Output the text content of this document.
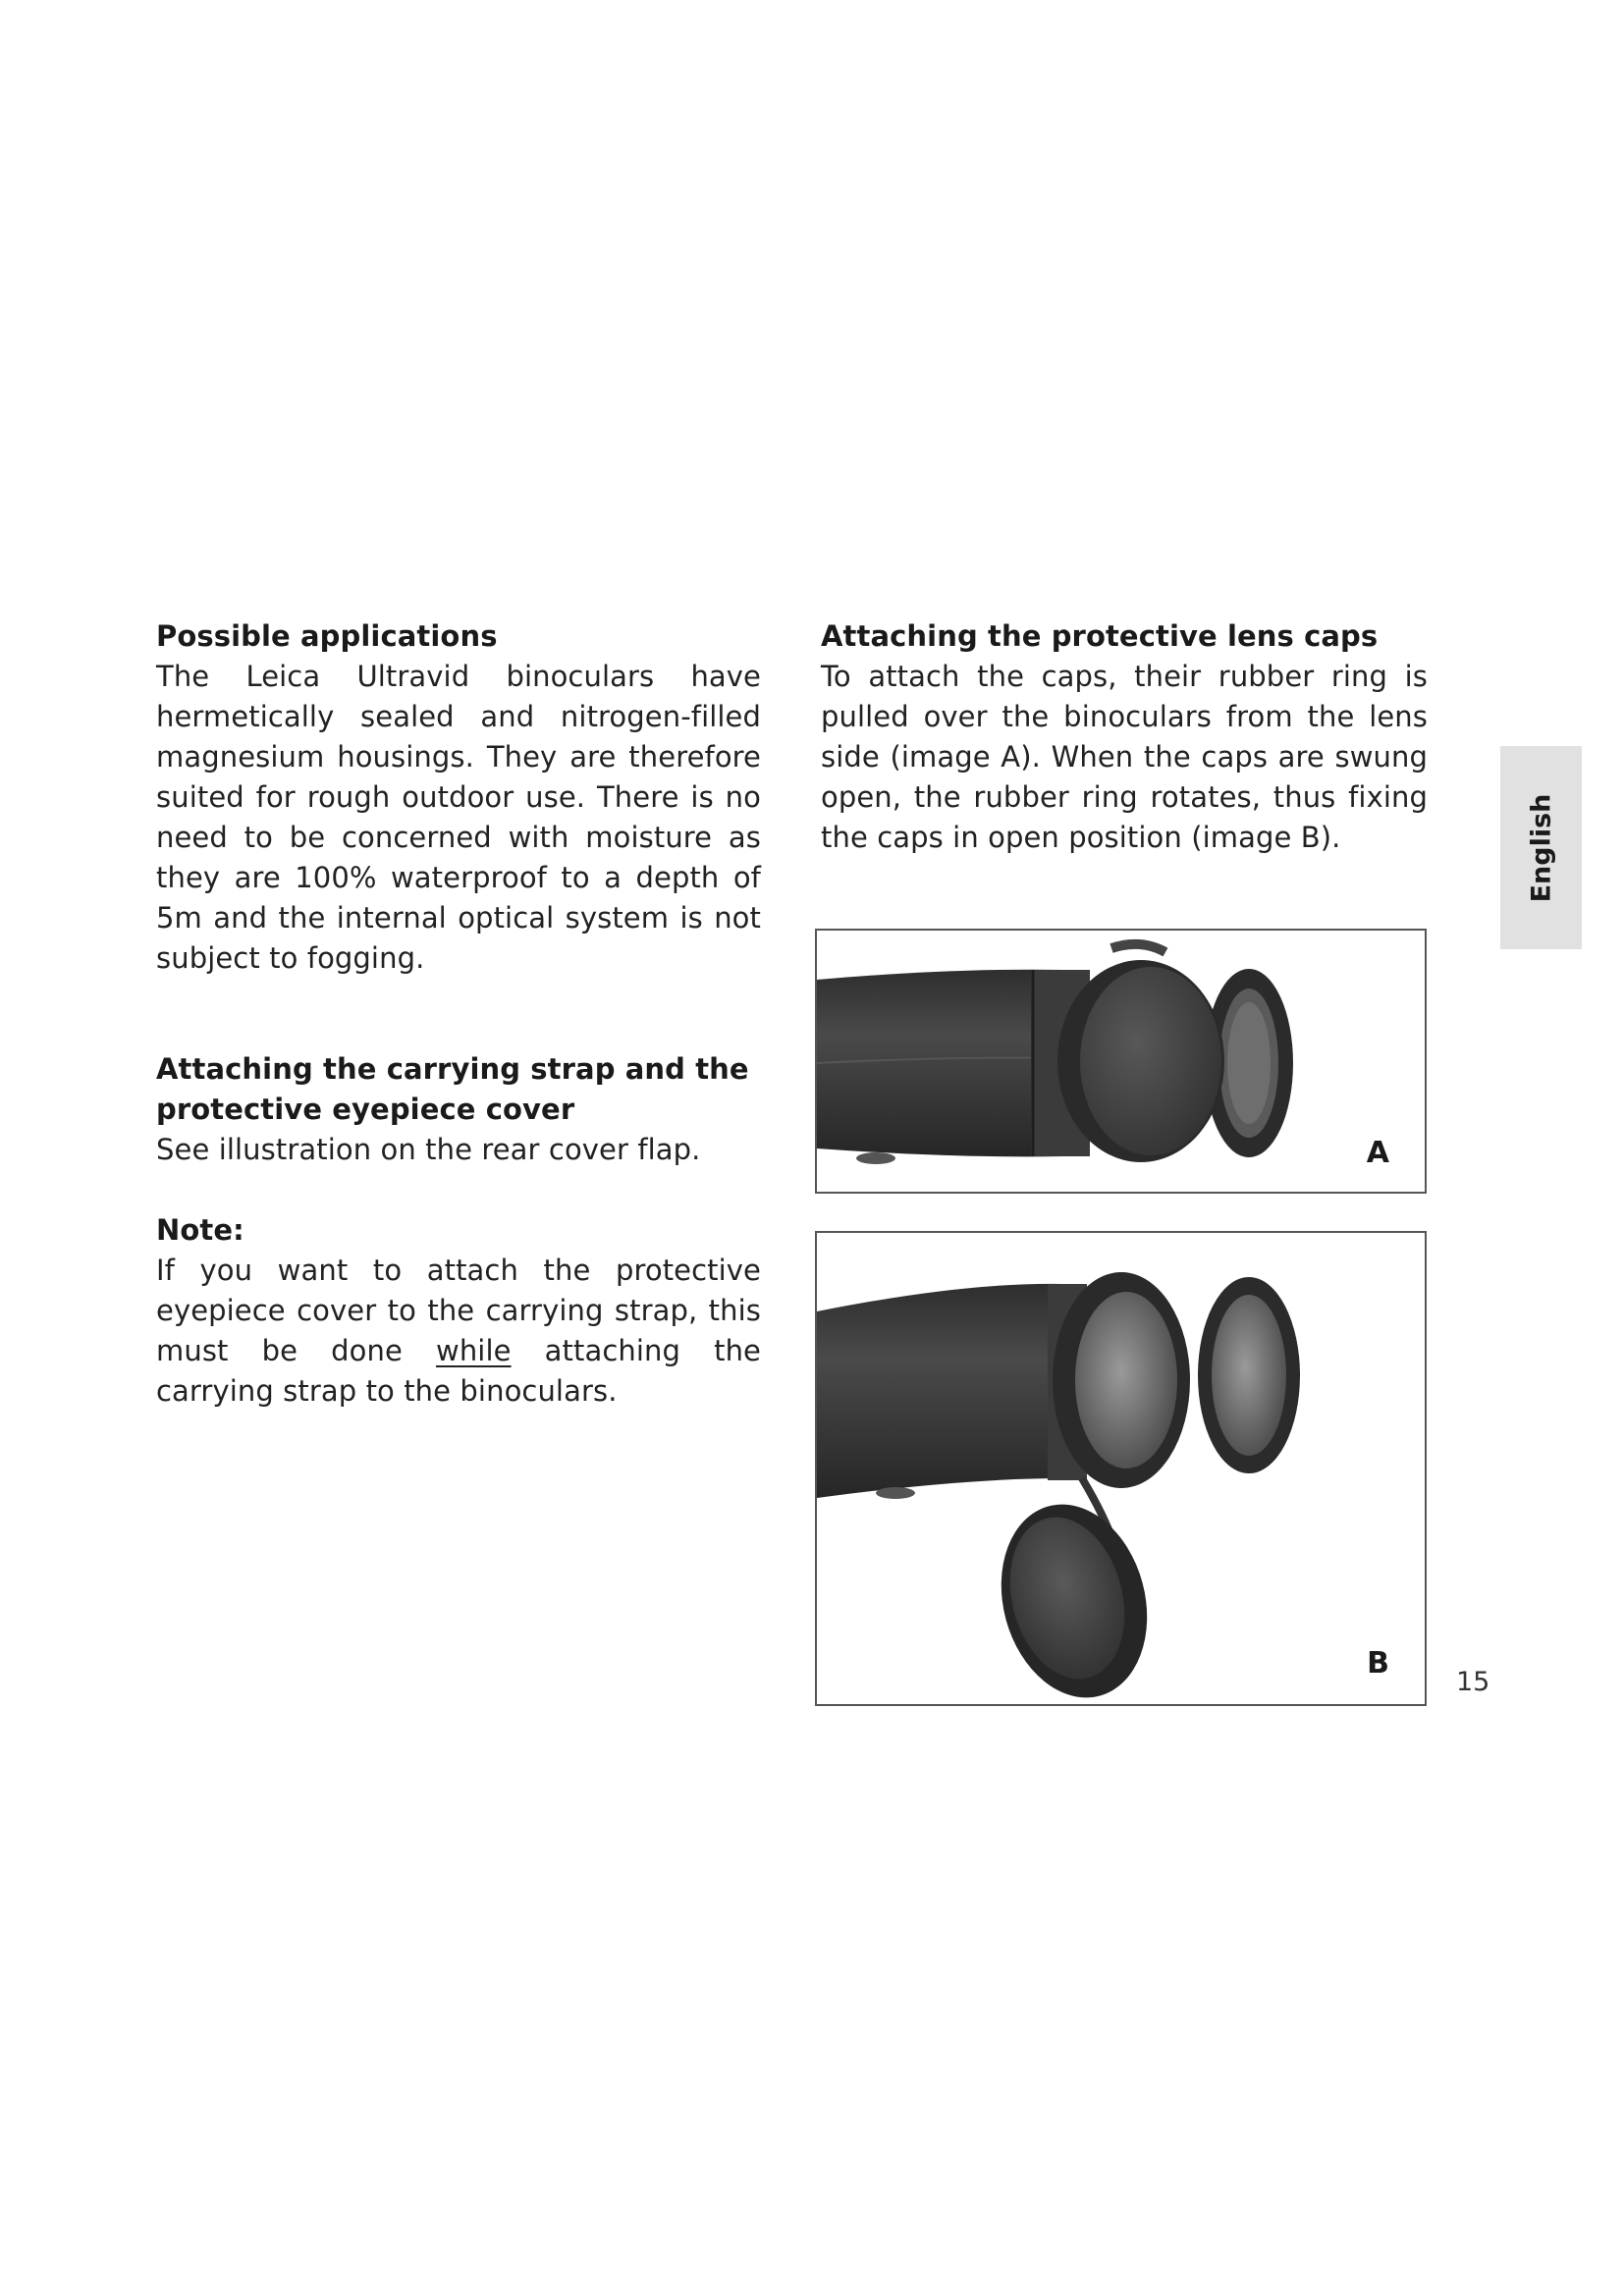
Possible applications

The Leica Ultravid binoculars have hermetically sealed and nitrogen-filled magnesium housings. They are therefore suited for rough outdoor use. There is no need to be concerned with moisture as they are 100% waterproof to a depth of 5m and the internal optical system is not subject to fogging.

Attaching the carrying strap and the protective eyepiece cover

See illustration on the rear cover flap.

Note:

If you want to attach the protective eyepiece cover to the carrying strap, this must be done while attaching the carrying strap to the binoculars.

Attaching the protective lens caps

To attach the caps, their rubber ring is pulled over the binoculars from the lens side (image A). When the caps are swung open, the rubber ring rotates, thus fixing the caps in open position (image B).

A
B
English
15
